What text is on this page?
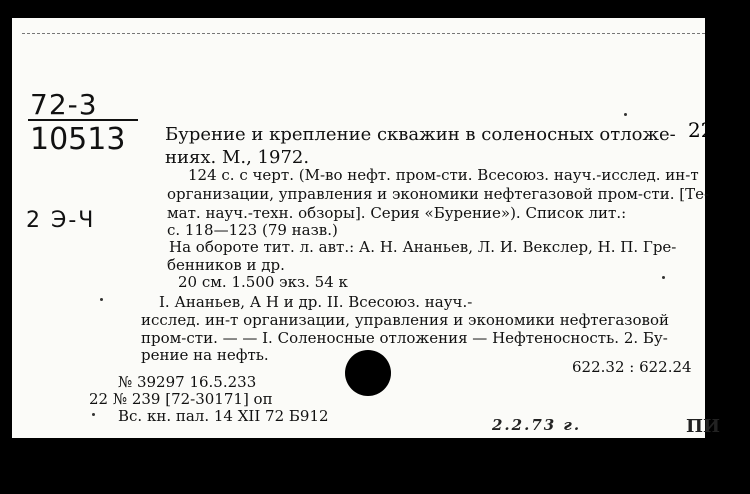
72-3
10513
2 Э-Ч
22
Бурение и крепление скважин в соленосных отложе-
ниях. М., 1972.
124 с. с черт. (М-во нефт. пром-сти. Всесоюз. науч.-исслед. ин-т
организации, управления и экономики нефтегазовой пром-сти. [Те-
мат. науч.-техн. обзоры]. Серия «Бурение»). Список лит.:
с. 118—123 (79 назв.)
На обороте тит. л. авт.: А. Н. Ананьев, Л. И. Векслер, Н. П. Гре-
бенников и др.
20 см. 1.500 экз. 54 к
I. Ананьев, А Н и др. II. Всесоюз. науч.-
исслед. ин-т организации, управления и экономики нефтегазовой
пром-сти. — — I. Соленосные отложения — Нефтеносность. 2. Бу-
рение на нефть.
622.32 : 622.24
№ 39297 16.5.233
22 № 239 [72-30171] оп
Вс. кн. пал. 14 XII 72 Б912	2.2.73 г.	ПИ
